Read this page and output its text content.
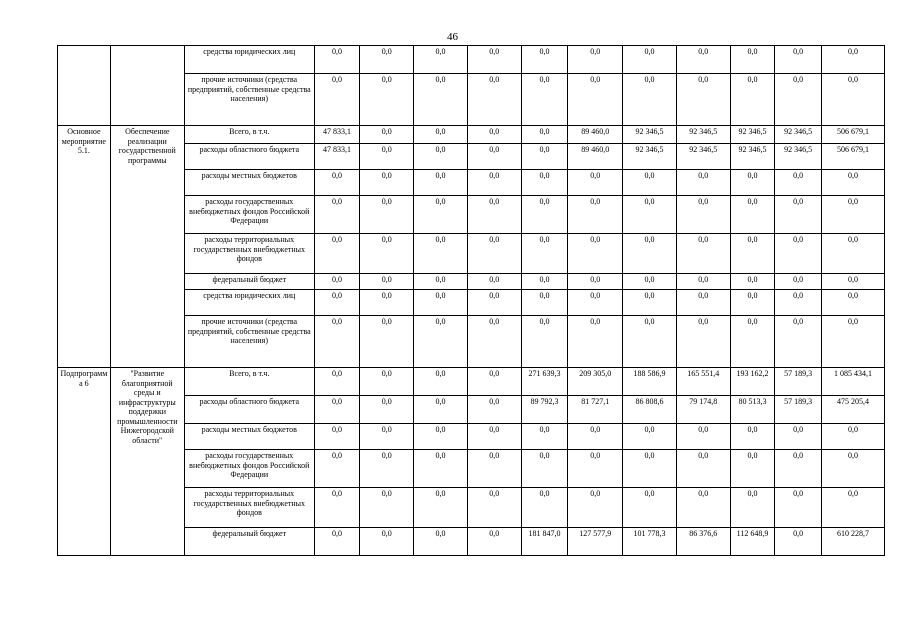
46
		средства юридических лиц	0,0	0,0	0,0	0,0	0,0	0,0	0,0	0,0	0,0	0,0	0,0
		прочие источники (средства предприятий, собственные средства населения)	0,0	0,0	0,0	0,0	0,0	0,0	0,0	0,0	0,0	0,0	0,0
Основное мероприятие 5.1.	Обеспечение реализации государственной программы	Всего, в т.ч.	47 833,1	0,0	0,0	0,0	0,0	89 460,0	92 346,5	92 346,5	92 346,5	92 346,5	506 679,1
		расходы областного бюджета	47 833,1	0,0	0,0	0,0	0,0	89 460,0	92 346,5	92 346,5	92 346,5	92 346,5	506 679,1
		расходы местных бюджетов	0,0	0,0	0,0	0,0	0,0	0,0	0,0	0,0	0,0	0,0	0,0
		расходы государственных внебюджетных фондов Российской Федерации	0,0	0,0	0,0	0,0	0,0	0,0	0,0	0,0	0,0	0,0	0,0
		расходы территориальных государственных внебюджетных фондов	0,0	0,0	0,0	0,0	0,0	0,0	0,0	0,0	0,0	0,0	0,0
		федеральный бюджет	0,0	0,0	0,0	0,0	0,0	0,0	0,0	0,0	0,0	0,0	0,0
		средства юридических лиц	0,0	0,0	0,0	0,0	0,0	0,0	0,0	0,0	0,0	0,0	0,0
		прочие источники (средства предприятий, собственные средства населения)	0,0	0,0	0,0	0,0	0,0	0,0	0,0	0,0	0,0	0,0	0,0
Подпрограмма 6	"Развитие благоприятной среды и инфраструктуры поддержки промышленности Нижегородской области"	Всего, в т.ч.	0,0	0,0	0,0	0,0	271 639,3	209 305,0	188 586,9	165 551,4	193 162,2	57 189,3	1 085 434,1
		расходы областного бюджета	0,0	0,0	0,0	0,0	89 792,3	81 727,1	86 808,6	79 174,8	80 513,3	57 189,3	475 205,4
		расходы местных бюджетов	0,0	0,0	0,0	0,0	0,0	0,0	0,0	0,0	0,0	0,0	0,0
		расходы государственных внебюджетных фондов Российской Федерации	0,0	0,0	0,0	0,0	0,0	0,0	0,0	0,0	0,0	0,0	0,0
		расходы территориальных государственных внебюджетных фондов	0,0	0,0	0,0	0,0	0,0	0,0	0,0	0,0	0,0	0,0	0,0
		федеральный бюджет	0,0	0,0	0,0	0,0	181 847,0	127 577,9	101 778,3	86 376,6	112 648,9	0,0	610 228,7
